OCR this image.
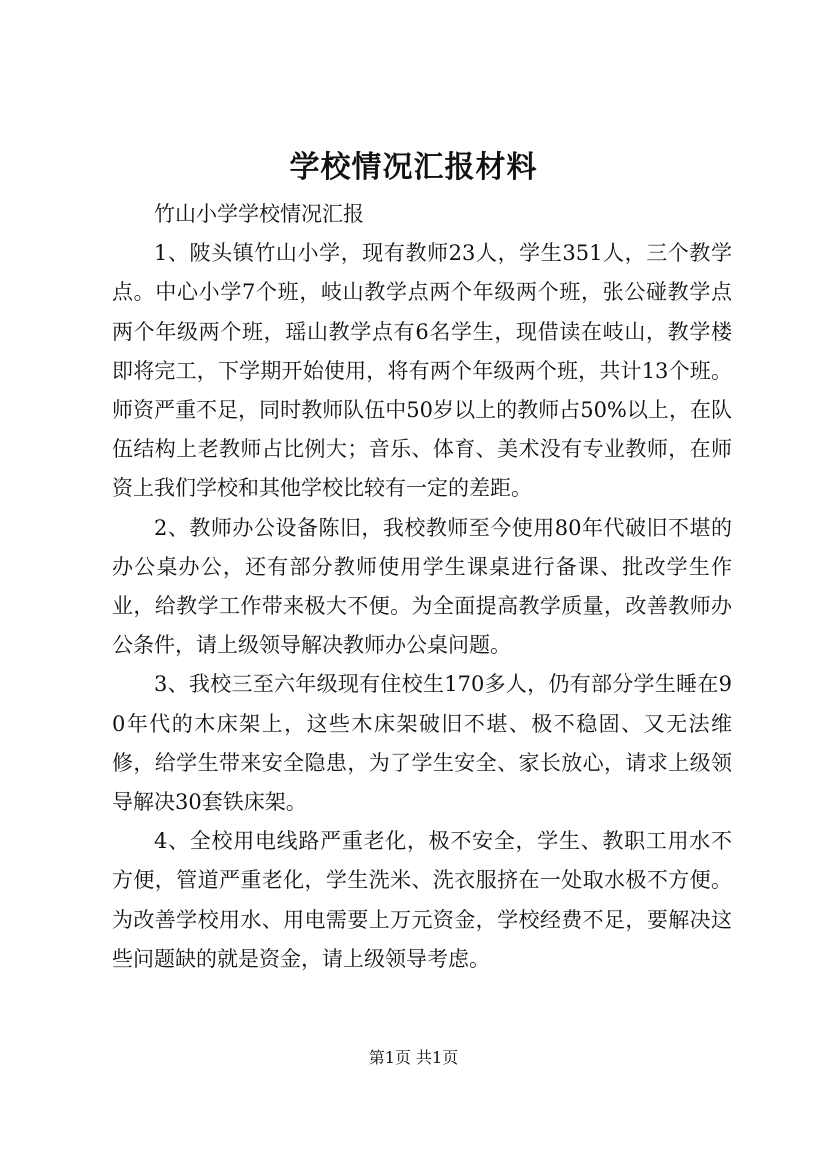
学校情况汇报材料

竹山小学学校情况汇报

1、陂头镇竹山小学，现有教师23人，学生351人，三个教学点。中心小学7个班，岐山教学点两个年级两个班，张公碰教学点两个年级两个班，瑶山教学点有6名学生，现借读在岐山，教学楼即将完工，下学期开始使用，将有两个年级两个班，共计13个班。师资严重不足，同时教师队伍中50岁以上的教师占50%以上，在队伍结构上老教师占比例大；音乐、体育、美术没有专业教师，在师资上我们学校和其他学校比较有一定的差距。

2、教师办公设备陈旧，我校教师至今使用80年代破旧不堪的办公桌办公，还有部分教师使用学生课桌进行备课、批改学生作业，给教学工作带来极大不便。为全面提高教学质量，改善教师办公条件，请上级领导解决教师办公桌问题。

3、我校三至六年级现有住校生170多人，仍有部分学生睡在90年代的木床架上，这些木床架破旧不堪、极不稳固、又无法维修，给学生带来安全隐患，为了学生安全、家长放心，请求上级领导解决30套铁床架。

4、全校用电线路严重老化，极不安全，学生、教职工用水不方便，管道严重老化，学生洗米、洗衣服挤在一处取水极不方便。为改善学校用水、用电需要上万元资金，学校经费不足，要解决这些问题缺的就是资金，请上级领导考虑。

第1页 共1页
